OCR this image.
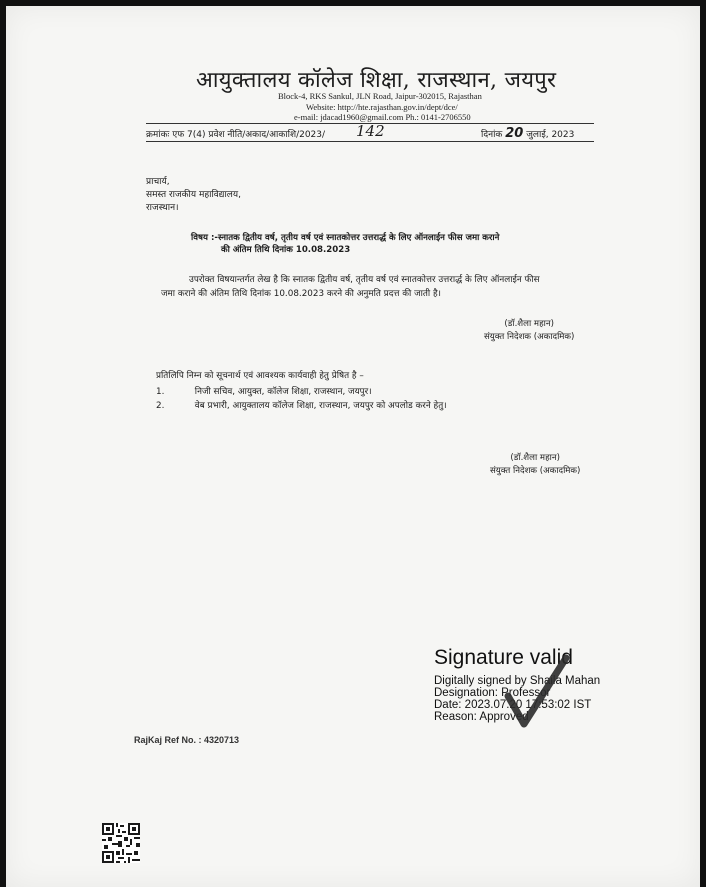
आयुक्तालय कॉलेज शिक्षा, राजस्थान, जयपुर
Block-4, RKS Sankul, JLN Road, Jaipur-302015, Rajasthan
Website: http://hte.rajasthan.gov.in/dept/dce/
e-mail: jdacad1960@gmail.com Ph.: 0141-2706550
क्रमांकः एफ 7(4) प्रवेश नीति/अकाद/आकाशि/2023/ 142	दिनांक 20 जुलाई, 2023
प्राचार्य,
समस्त राजकीय महाविद्यालय,
राजस्थान।
विषय :-स्नातक द्वितीय वर्ष, तृतीय वर्ष एवं स्नातकोत्तर उत्तरार्द्ध के लिए ऑनलाईन फीस जमा कराने
की अंतिम तिथि दिनांक 10.08.2023
उपरोक्त विषयान्तर्गत लेख है कि स्नातक द्वितीय वर्ष, तृतीय वर्ष एवं स्नातकोत्तर उत्तरार्द्ध के लिए ऑनलाईन फीस
जमा कराने की अंतिम तिथि दिनांक 10.08.2023 करने की अनुमति प्रदत्त की जाती है।
(डॉ.शैला महान)
संयुक्त निदेशक (अकादमिक)
प्रतिलिपि निम्न को सूचनार्थ एवं आवश्यक कार्यवाही हेतु प्रेषित है –
1.	निजी सचिव, आयुक्त, कॉलेज शिक्षा, राजस्थान, जयपुर।
2.	वेब प्रभारी, आयुक्तालय कॉलेज शिक्षा, राजस्थान, जयपुर को अपलोड करने हेतु।
(डॉ.शैला महान)
संयुक्त निदेशक (अकादमिक)
Signature valid
Digitally signed by Shaila Mahan
Designation: Professor
Date: 2023.07.20 17:53:02 IST
Reason: Approved
RajKaj Ref No. : 4320713
